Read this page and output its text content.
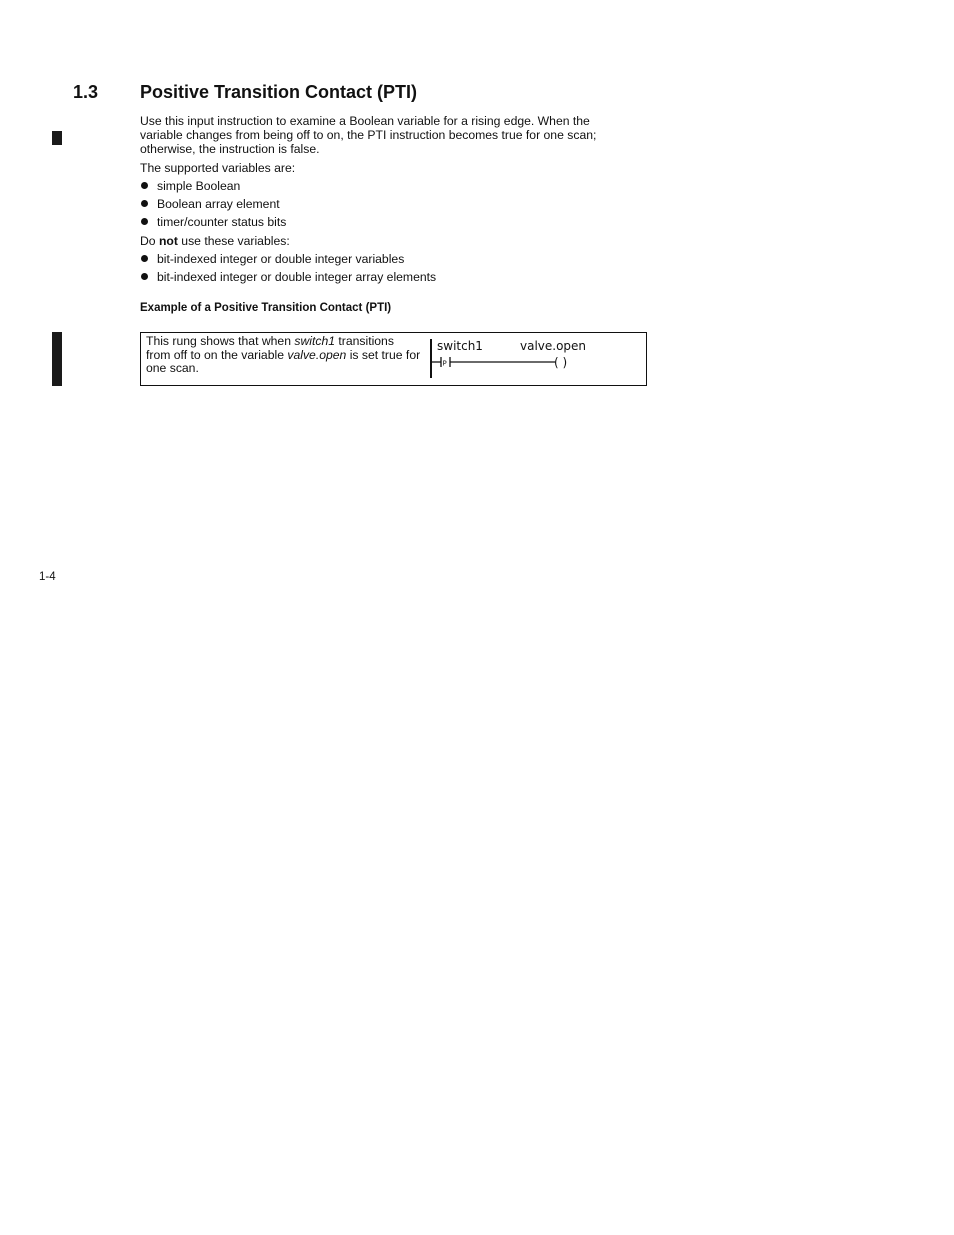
1.3 Positive Transition Contact (PTI)

Use this input instruction to examine a Boolean variable for a rising edge. When the variable changes from being off to on, the PTI instruction becomes true for one scan; otherwise, the instruction is false.

The supported variables are:

simple Boolean
Boolean array element
timer/counter status bits

Do not use these variables:

bit-indexed integer or double integer variables
bit-indexed integer or double integer array elements
Example of a Positive Transition Contact (PTI)
This rung shows that when switch1 transitions from off to on the variable valve.open is set true for one scan.
switch1	valve.open
P	( )
1-4
